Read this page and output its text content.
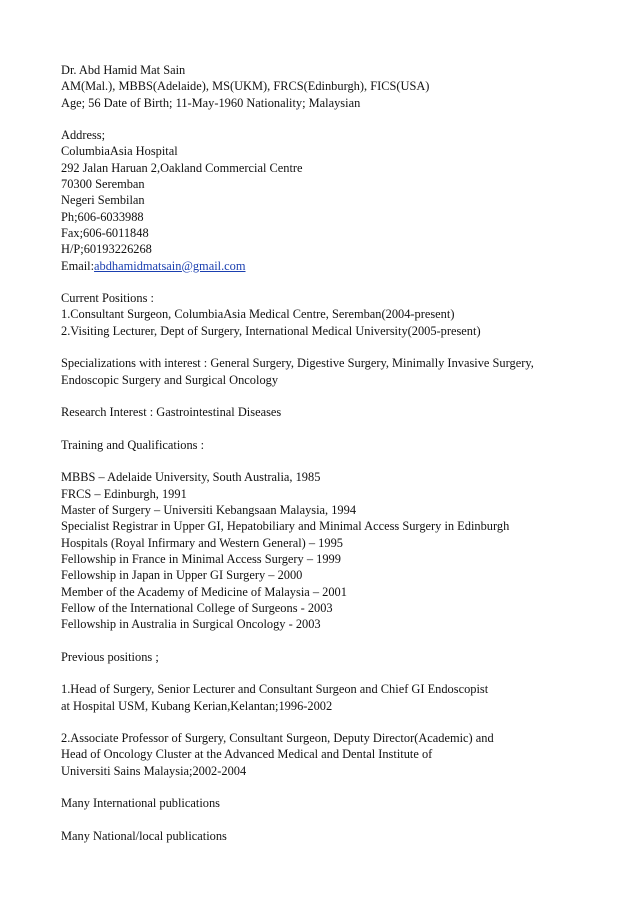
Dr. Abd Hamid Mat Sain
AM(Mal.), MBBS(Adelaide), MS(UKM), FRCS(Edinburgh), FICS(USA)
Age; 56 Date of Birth; 11-May-1960 Nationality; Malaysian
Address;
ColumbiaAsia Hospital
292 Jalan Haruan 2,Oakland Commercial Centre
70300 Seremban
Negeri Sembilan
Ph;606-6033988
Fax;606-6011848
H/P;60193226268
Email:abdhamidmatsain@gmail.com
Current Positions :
1.Consultant Surgeon, ColumbiaAsia Medical Centre, Seremban(2004-present)
2.Visiting Lecturer, Dept of Surgery, International Medical University(2005-present)
Specializations with interest : General Surgery, Digestive Surgery, Minimally Invasive Surgery,
Endoscopic Surgery and Surgical Oncology
Research Interest : Gastrointestinal Diseases
Training and Qualifications :
MBBS – Adelaide University, South Australia, 1985
FRCS – Edinburgh, 1991
Master of Surgery – Universiti Kebangsaan Malaysia, 1994
Specialist Registrar in Upper GI, Hepatobiliary and Minimal Access Surgery in Edinburgh
Hospitals (Royal Infirmary and Western General) – 1995
Fellowship in France in Minimal Access Surgery – 1999
Fellowship in Japan in Upper GI Surgery – 2000
Member of the Academy of Medicine of Malaysia – 2001
Fellow of the International College of Surgeons - 2003
Fellowship in Australia in Surgical Oncology - 2003
Previous positions ;
1.Head of Surgery, Senior Lecturer and Consultant Surgeon and Chief GI Endoscopist
at Hospital USM, Kubang Kerian,Kelantan;1996-2002
2.Associate Professor of Surgery, Consultant Surgeon, Deputy Director(Academic) and
Head of Oncology Cluster at the Advanced Medical and Dental Institute of
Universiti Sains Malaysia;2002-2004
Many International publications
Many National/local publications
